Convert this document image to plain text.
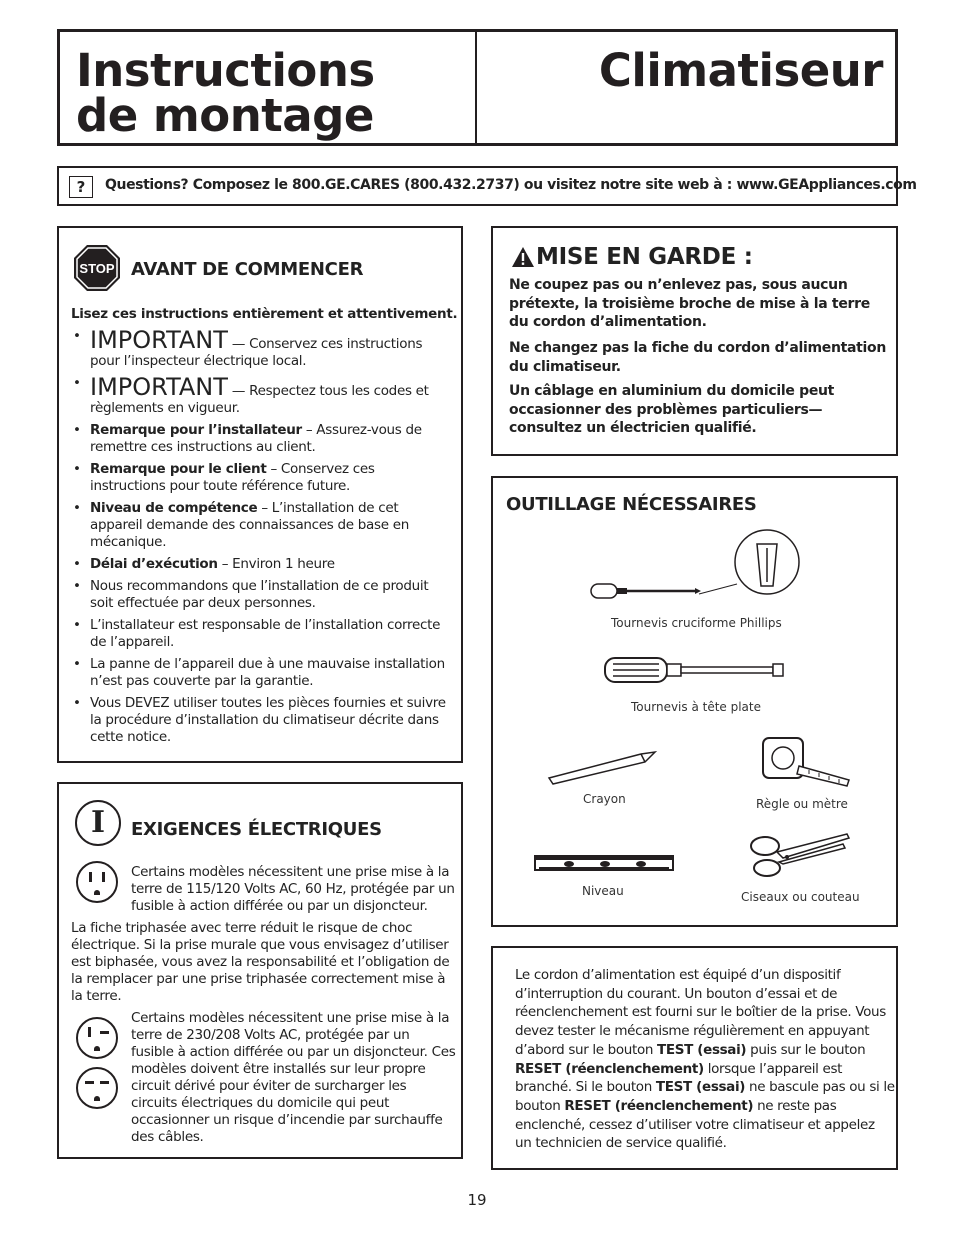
Instructions
de montage
Climatiseur
?	Questions? Composez le 800.GE.CARES (800.432.2737) ou visitez notre site web à : www.GEAppliances.com
STOP AVANT DE COMMENCER
Lisez ces instructions entièrement et attentivement.
• IMPORTANT — Conservez ces instructions pour l’inspecteur électrique local.
• IMPORTANT — Respectez tous les codes et règlements en vigueur.
• Remarque pour l’installateur – Assurez-vous de remettre ces instructions au client.
• Remarque pour le client – Conservez ces instructions pour toute référence future.
• Niveau de compétence – L’installation de cet appareil demande des connaissances de base en mécanique.
• Délai d’exécution – Environ 1 heure
• Nous recommandons que l’installation de ce produit soit effectuée par deux personnes.
• L’installateur est responsable de l’installation correcte de l’appareil.
• La panne de l’appareil due à une mauvaise installation n’est pas couverte par la garantie.
• Vous DEVEZ utiliser toutes les pièces fournies et suivre la procédure d’installation du climatiseur décrite dans cette notice.
I	EXIGENCES ÉLECTRIQUES
Certains modèles nécessitent une prise mise à la terre de 115/120 Volts AC, 60 Hz, protégée par un fusible à action différée ou par un disjoncteur.
La fiche triphasée avec terre réduit le risque de choc électrique. Si la prise murale que vous envisagez d’utiliser est biphasée, vous avez la responsabilité et l’obligation de la remplacer par une prise triphasée correctement mise à la terre.
Certains modèles nécessitent une prise mise à la terre de 230/208 Volts AC, protégée par un fusible à action différée ou par un disjoncteur. Ces modèles doivent être installés sur leur propre circuit dérivé pour éviter de surcharger les circuits électriques du domicile qui peut occasionner un risque d’incendie par surchauffe des câbles.
MISE EN GARDE :
Ne coupez pas ou n’enlevez pas, sous aucun prétexte, la troisième broche de mise à la terre du cordon d’alimentation.
Ne changez pas la fiche du cordon d’alimentation du climatiseur.
Un câblage en aluminium du domicile peut occasionner des problèmes particuliers— consultez un électricien qualifié.
OUTILLAGE NÉCESSAIRES
Tournevis cruciforme Phillips
Tournevis à tête plate
Crayon	Règle ou mètre
Niveau	Ciseaux ou couteau
Le cordon d’alimentation est équipé d’un dispositif d’interruption du courant. Un bouton d’essai et de réenclenchement est fourni sur le boîtier de la prise. Vous devez tester le mécanisme régulièrement en appuyant d’abord sur le bouton TEST (essai) puis sur le bouton RESET (réenclenchement) lorsque l’appareil est branché. Si le bouton TEST (essai) ne bascule pas ou si le bouton RESET (réenclenchement) ne reste pas enclenché, cessez d’utiliser votre climatiseur et appelez un technicien de service qualifié.
19
